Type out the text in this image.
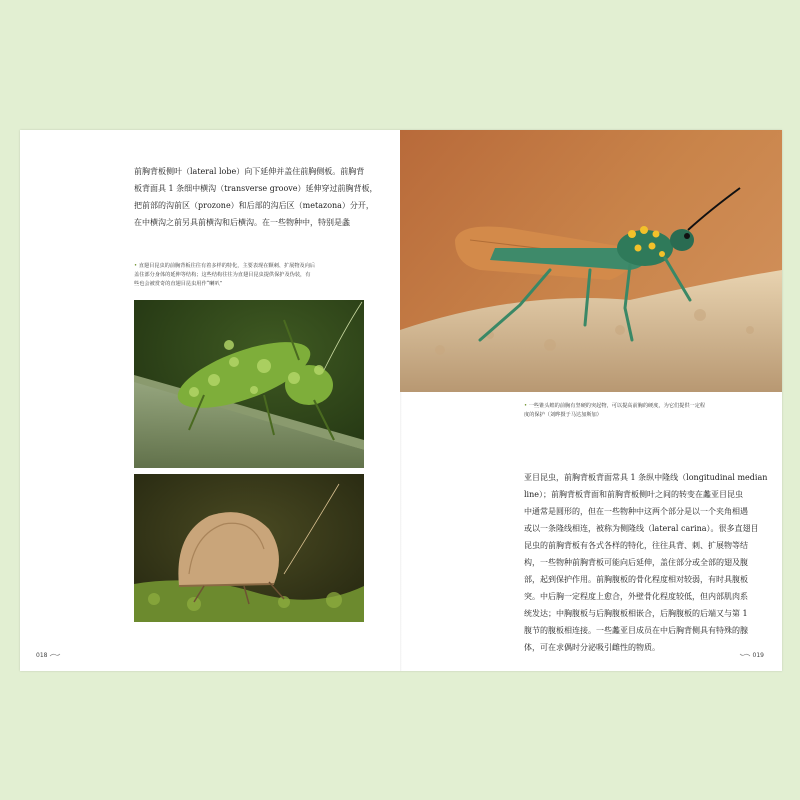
前胸背板侧叶（lateral lobe）向下延伸并盖住前胸侧板。前胸背
板背面具 1 条细中横沟（transverse groove）延伸穿过前胸背板，
把前部的沟前区（prozone）和后部的沟后区（metazona）分开，
在中横沟之前另具前横沟和后横沟。在一些物种中，特别是螽
• 直翅目昆虫的前胸背板往往有着多样的特化，主要表现在颗刺、扩展物及向后
盖住部分身体的延伸等结构；这些结构往往为直翅目昆虫提供保护及伪装，有
些也会被赏奇的直翅目昆虫用作“喇叭”
• 一些锥头蝗的前胸有坚硬的突起物，可以提高前胸的硬度，为它们提供一定程
度的保护（刘晔摄于马达加斯加）
亚目昆虫，前胸背板背面常具 1 条纵中隆线（longitudinal median
line）；前胸背板背面和前胸背板侧叶之间的转变在蠡亚目昆虫
中通常是圆形的，但在一些物种中这两个部分是以一个夹角相遇
或以一条隆线相连，被称为侧隆线（lateral carina）。很多直翅目
昆虫的前胸背板有各式各样的特化，往往具背、刺、扩展物等结
构，一些物种前胸背板可能向后延伸，盖住部分或全部的翅及腹
部，起到保护作用。前胸腹板的骨化程度相对较弱，有时具腹板
突。中后胸一定程度上愈合，外壁骨化程度较低，但内部肌肉系
统发达；中胸腹板与后胸腹板相嵌合，后胸腹板的后端又与第 1
腹节的腹板相连接。一些蠡亚目成员在中后胸背侧具有特殊的腺
体，可在求偶时分泌吸引雌性的物质。
018	019
